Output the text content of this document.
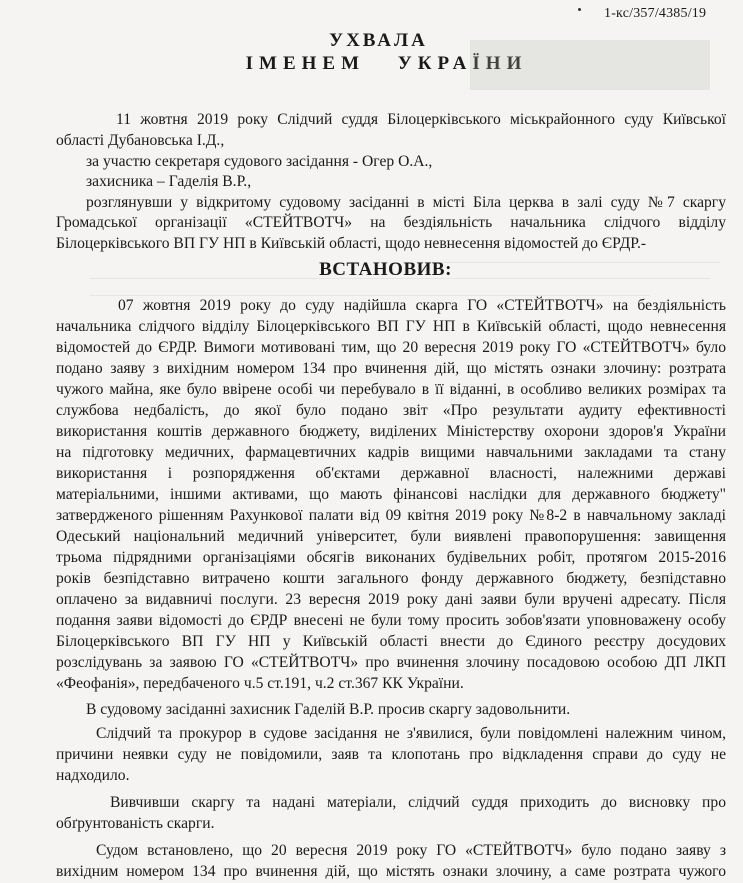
1-кс/357/4385/19
УХВАЛА
ІМЕНЕМ УКРАЇНИ
11 жовтня 2019 року Слідчий суддя Білоцерківського міськрайонного суду Київської
області Дубановська І.Д.,
за участю секретаря судового засідання - Огер О.А.,
захисника – Гаделія В.Р.,
розглянувши у відкритому судовому засіданні в місті Біла церква в залі суду №7 скаргу
Громадської організації «СТЕЙТВОТЧ» на бездіяльність начальника слідчого відділу
Білоцерківського ВП ГУ НП в Київській області, щодо невнесення відомостей до ЄРДР.-
ВСТАНОВИВ:
07 жовтня 2019 року до суду надійшла скарга ГО «СТЕЙТВОТЧ» на бездіяльність
начальника слідчого відділу Білоцерківського ВП ГУ НП в Київській області, щодо невнесення
відомостей до ЄРДР. Вимоги мотивовані тим, що 20 вересня 2019 року ГО «СТЕЙТВОТЧ» було
подано заяву з вихідним номером 134 про вчинення дій, що містять ознаки злочину: розтрата
чужого майна, яке було ввірене особі чи перебувало в її віданні, в особливо великих розмірах та
службова недбалість, до якої було подано звіт «Про результати аудиту ефективності
використання коштів державного бюджету, виділених Міністерству охорони здоров'я України
на підготовку медичних, фармацевтичних кадрів вищими навчальними закладами та стану
використання і розпорядження об'єктами державної власності, належними державі
матеріальними, іншими активами, що мають фінансові наслідки для державного бюджету"
затвердженого рішенням Рахункової палати від 09 квітня 2019 року №8-2 в навчальному закладі
Одеський національний медичний університет, були виявлені правопорушення: завищення
трьома підрядними організаціями обсягів виконаних будівельних робіт, протягом 2015-2016
років безпідставно витрачено кошти загального фонду державного бюджету, безпідставно
оплачено за видавничі послуги. 23 вересня 2019 року дані заяви були вручені адресату. Після
подання заяви відомості до ЄРДР внесені не були тому просить зобов'язати уповноважену особу
Білоцерківського ВП ГУ НП у Київській області внести до Єдиного реєстру досудових
розслідувань за заявою ГО «СТЕЙТВОТЧ» про вчинення злочину посадовою особою ДП ЛКП
«Феофанія», передбаченого ч.5 ст.191, ч.2 ст.367 КК України.
В судовому засіданні захисник Гаделій В.Р. просив скаргу задовольнити.
Слідчий та прокурор в судове засідання не з'явилися, були повідомлені належним чином,
причини неявки суду не повідомили, заяв та клопотань про відкладення справи до суду не
надходило.
Вивчивши скаргу та надані матеріали, слідчий суддя приходить до висновку про
обґрунтованість скарги.
Судом встановлено, що 20 вересня 2019 року ГО «СТЕЙТВОТЧ» було подано заяву з
вихідним номером 134 про вчинення дій, що містять ознаки злочину, а саме розтрата чужого
